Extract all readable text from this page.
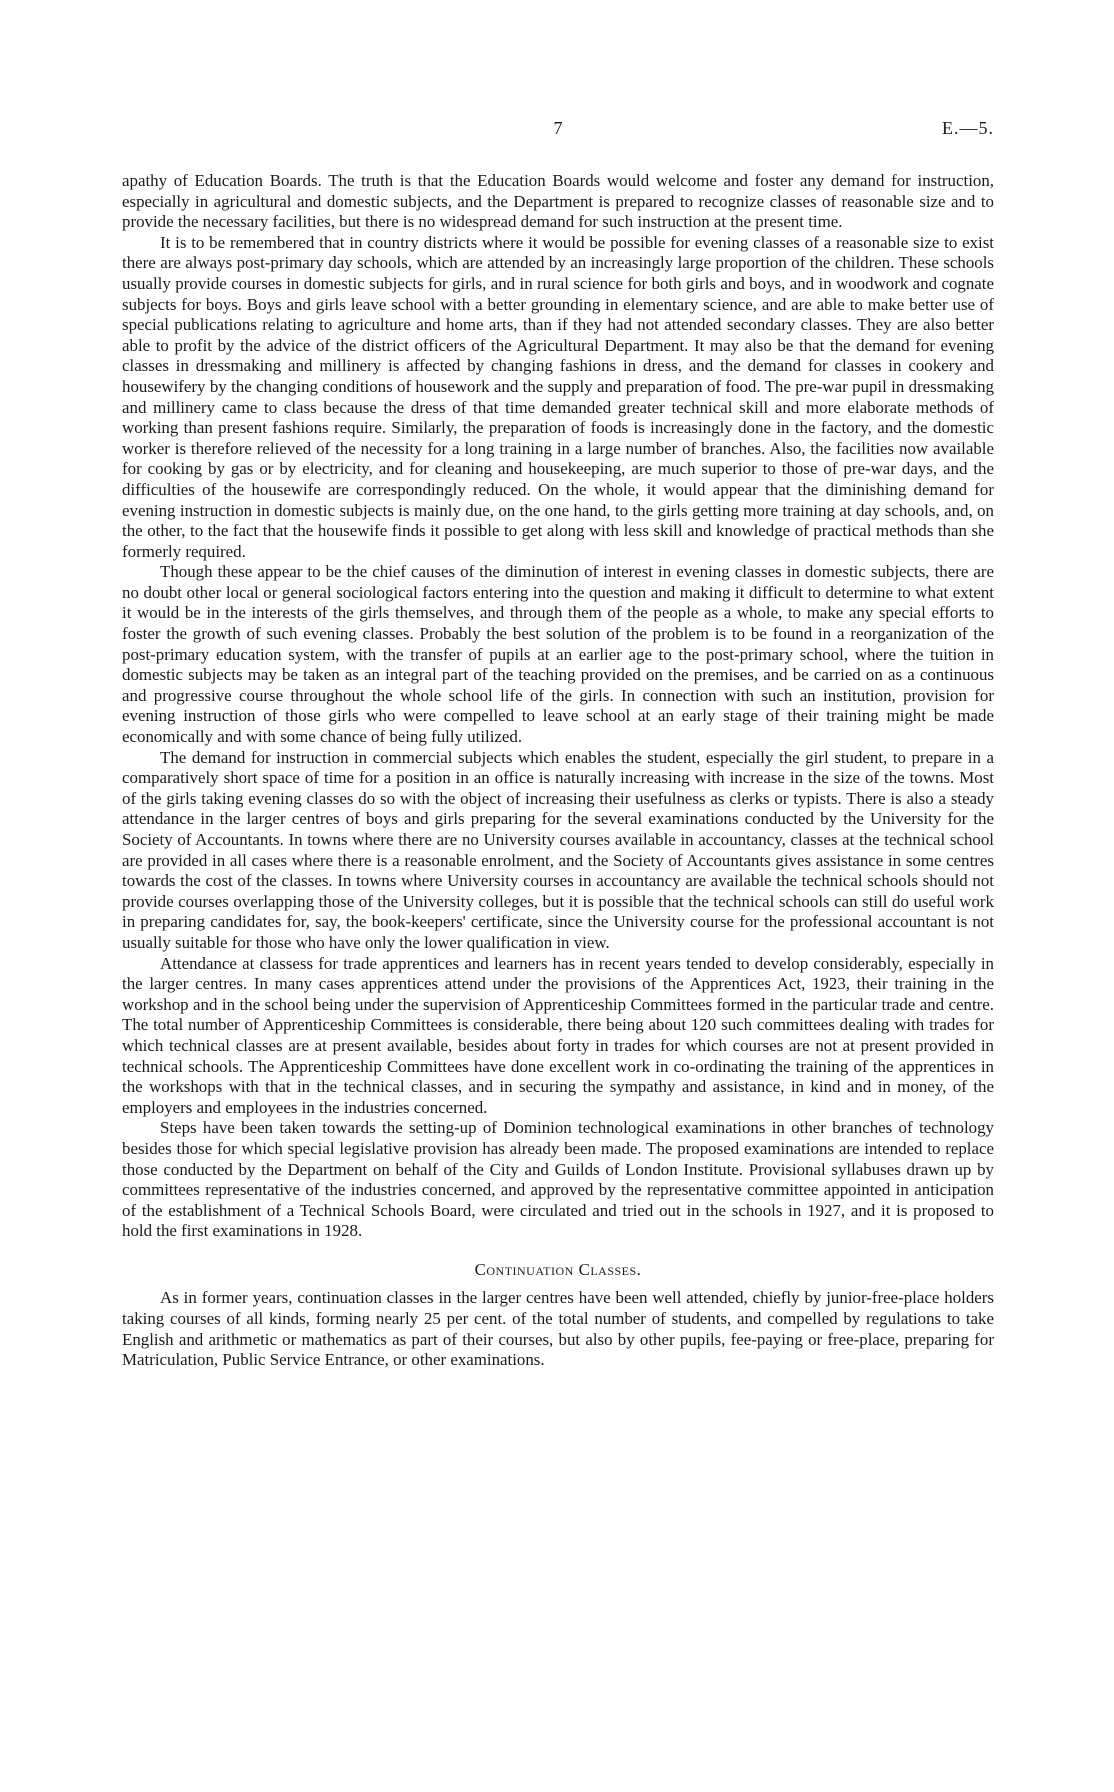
7	E.—5.

apathy of Education Boards. The truth is that the Education Boards would welcome and foster any demand for instruction, especially in agricultural and domestic subjects, and the Department is prepared to recognize classes of reasonable size and to provide the necessary facilities, but there is no widespread demand for such instruction at the present time.

It is to be remembered that in country districts where it would be possible for evening classes of a reasonable size to exist there are always post-primary day schools, which are attended by an increasingly large proportion of the children. These schools usually provide courses in domestic subjects for girls, and in rural science for both girls and boys, and in woodwork and cognate subjects for boys. Boys and girls leave school with a better grounding in elementary science, and are able to make better use of special publications relating to agriculture and home arts, than if they had not attended secondary classes. They are also better able to profit by the advice of the district officers of the Agricultural Department. It may also be that the demand for evening classes in dressmaking and millinery is affected by changing fashions in dress, and the demand for classes in cookery and housewifery by the changing conditions of housework and the supply and preparation of food. The pre-war pupil in dressmaking and millinery came to class because the dress of that time demanded greater technical skill and more elaborate methods of working than present fashions require. Similarly, the preparation of foods is increasingly done in the factory, and the domestic worker is therefore relieved of the necessity for a long training in a large number of branches. Also, the facilities now available for cooking by gas or by electricity, and for cleaning and housekeeping, are much superior to those of pre-war days, and the difficulties of the housewife are correspondingly reduced. On the whole, it would appear that the diminishing demand for evening instruction in domestic subjects is mainly due, on the one hand, to the girls getting more training at day schools, and, on the other, to the fact that the housewife finds it possible to get along with less skill and knowledge of practical methods than she formerly required.

Though these appear to be the chief causes of the diminution of interest in evening classes in domestic subjects, there are no doubt other local or general sociological factors entering into the question and making it difficult to determine to what extent it would be in the interests of the girls themselves, and through them of the people as a whole, to make any special efforts to foster the growth of such evening classes. Probably the best solution of the problem is to be found in a reorganization of the post-primary education system, with the transfer of pupils at an earlier age to the post-primary school, where the tuition in domestic subjects may be taken as an integral part of the teaching provided on the premises, and be carried on as a continuous and progressive course throughout the whole school life of the girls. In connection with such an institution, provision for evening instruction of those girls who were compelled to leave school at an early stage of their training might be made economically and with some chance of being fully utilized.

The demand for instruction in commercial subjects which enables the student, especially the girl student, to prepare in a comparatively short space of time for a position in an office is naturally increasing with increase in the size of the towns. Most of the girls taking evening classes do so with the object of increasing their usefulness as clerks or typists. There is also a steady attendance in the larger centres of boys and girls preparing for the several examinations conducted by the University for the Society of Accountants. In towns where there are no University courses available in accountancy, classes at the technical school are provided in all cases where there is a reasonable enrolment, and the Society of Accountants gives assistance in some centres towards the cost of the classes. In towns where University courses in accountancy are available the technical schools should not provide courses overlapping those of the University colleges, but it is possible that the technical schools can still do useful work in preparing candidates for, say, the book-keepers' certificate, since the University course for the professional accountant is not usually suitable for those who have only the lower qualification in view.

Attendance at classess for trade apprentices and learners has in recent years tended to develop considerably, especially in the larger centres. In many cases apprentices attend under the provisions of the Apprentices Act, 1923, their training in the workshop and in the school being under the supervision of Apprenticeship Committees formed in the particular trade and centre. The total number of Apprenticeship Committees is considerable, there being about 120 such committees dealing with trades for which technical classes are at present available, besides about forty in trades for which courses are not at present provided in technical schools. The Apprenticeship Committees have done excellent work in co-ordinating the training of the apprentices in the workshops with that in the technical classes, and in securing the sympathy and assistance, in kind and in money, of the employers and employees in the industries concerned.

Steps have been taken towards the setting-up of Dominion technological examinations in other branches of technology besides those for which special legislative provision has already been made. The proposed examinations are intended to replace those conducted by the Department on behalf of the City and Guilds of London Institute. Provisional syllabuses drawn up by committees representative of the industries concerned, and approved by the representative committee appointed in anticipation of the establishment of a Technical Schools Board, were circulated and tried out in the schools in 1927, and it is proposed to hold the first examinations in 1928.

Continuation Classes.

As in former years, continuation classes in the larger centres have been well attended, chiefly by junior-free-place holders taking courses of all kinds, forming nearly 25 per cent. of the total number of students, and compelled by regulations to take English and arithmetic or mathematics as part of their courses, but also by other pupils, fee-paying or free-place, preparing for Matriculation, Public Service Entrance, or other examinations.
